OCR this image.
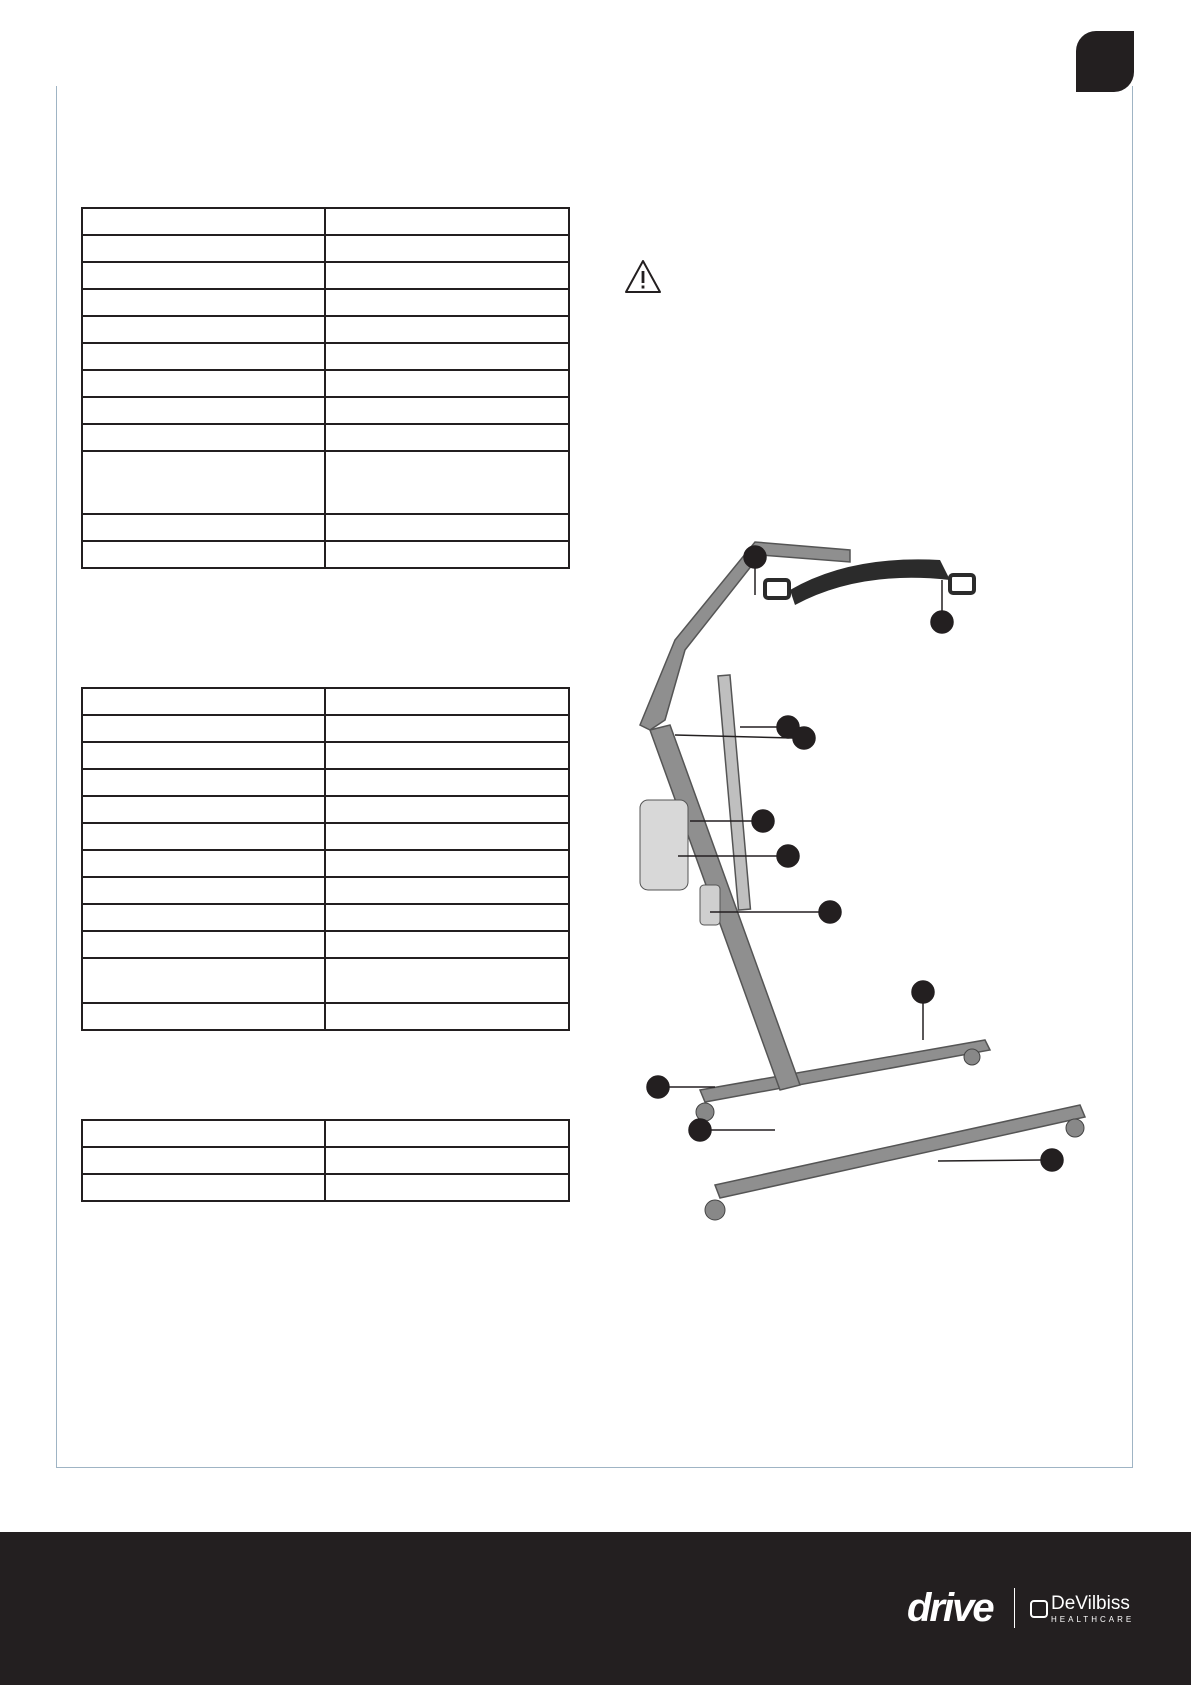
drive	DeVilbiss
HEALTHCARE
